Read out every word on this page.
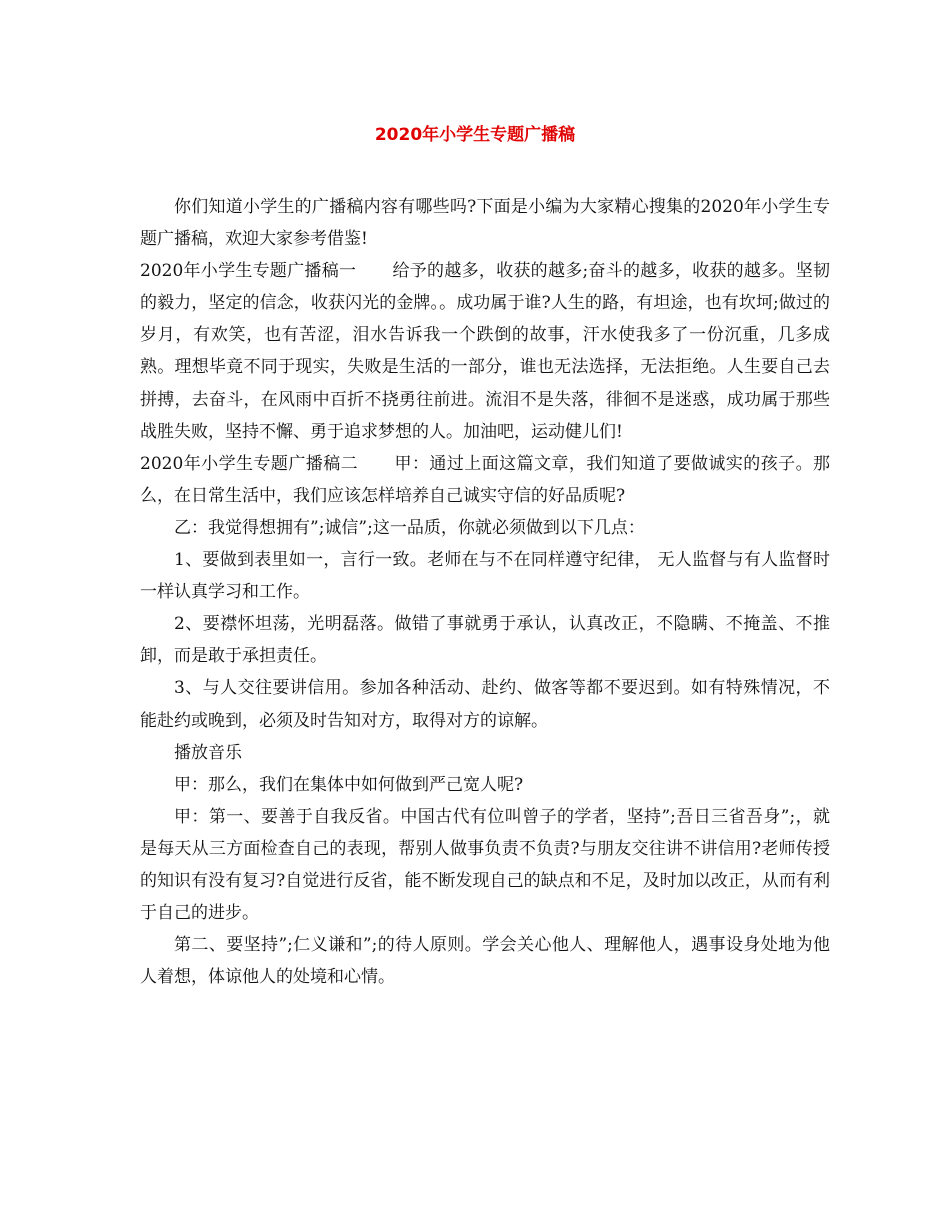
2020年小学生专题广播稿

你们知道小学生的广播稿内容有哪些吗?下面是小编为大家精心搜集的2020年小学生专题广播稿，欢迎大家参考借鉴!

2020年小学生专题广播稿一 给予的越多，收获的越多;奋斗的越多，收获的越多。坚韧的毅力，坚定的信念，收获闪光的金牌。。成功属于谁?人生的路，有坦途，也有坎坷;做过的岁月，有欢笑，也有苦涩，泪水告诉我一个跌倒的故事，汗水使我多了一份沉重，几多成熟。理想毕竟不同于现实，失败是生活的一部分，谁也无法选择，无法拒绝。人生要自己去拼搏，去奋斗，在风雨中百折不挠勇往前进。流泪不是失落，徘徊不是迷惑，成功属于那些战胜失败，坚持不懈、勇于追求梦想的人。加油吧，运动健儿们!

2020年小学生专题广播稿二 甲：通过上面这篇文章，我们知道了要做诚实的孩子。那么，在日常生活中，我们应该怎样培养自己诚实守信的好品质呢?

乙：我觉得想拥有”;诚信”;这一品质，你就必须做到以下几点：

1、要做到表里如一，言行一致。老师在与不在同样遵守纪律， 无人监督与有人监督时一样认真学习和工作。

2、要襟怀坦荡，光明磊落。做错了事就勇于承认，认真改正，不隐瞒、不掩盖、不推卸，而是敢于承担责任。

3、与人交往要讲信用。参加各种活动、赴约、做客等都不要迟到。如有特殊情况，不能赴约或晚到，必须及时告知对方，取得对方的谅解。

播放音乐

甲：那么，我们在集体中如何做到严己宽人呢?

甲：第一、要善于自我反省。中国古代有位叫曾子的学者，坚持”;吾日三省吾身”;，就是每天从三方面检查自己的表现，帮别人做事负责不负责?与朋友交往讲不讲信用?老师传授的知识有没有复习?自觉进行反省，能不断发现自己的缺点和不足，及时加以改正，从而有利于自己的进步。

第二、要坚持”;仁义谦和”;的待人原则。学会关心他人、理解他人，遇事设身处地为他人着想，体谅他人的处境和心情。
